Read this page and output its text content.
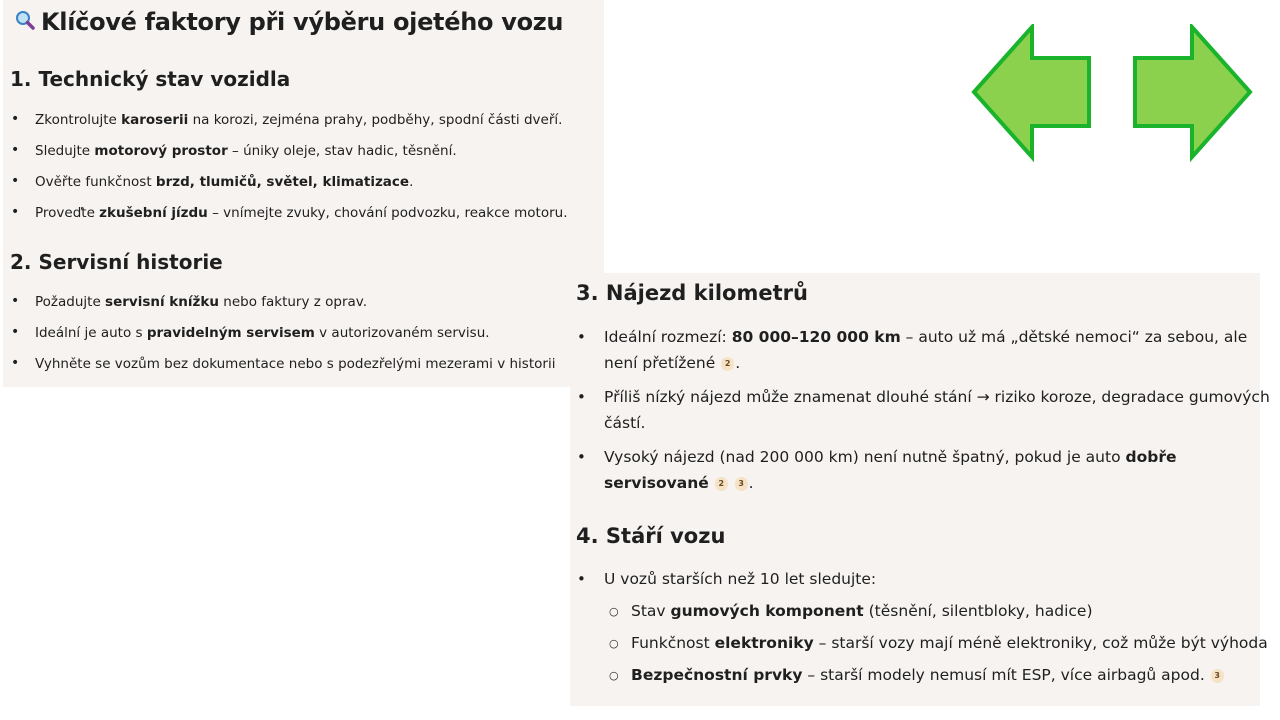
Klíčové faktory při výběru ojetého vozu
1. Technický stav vozidla
• Zkontrolujte karoserii na korozi, zejména prahy, podběhy, spodní části dveří.
• Sledujte motorový prostor – úniky oleje, stav hadic, těsnění.
• Ověřte funkčnost brzd, tlumičů, světel, klimatizace.
• Proveďte zkušební jízdu – vnímejte zvuky, chování podvozku, reakce motoru.
2. Servisní historie
• Požadujte servisní knížku nebo faktury z oprav.
• Ideální je auto s pravidelným servisem v autorizovaném servisu.
• Vyhněte se vozům bez dokumentace nebo s podezřelými mezerami v historii
3. Nájezd kilometrů
• Ideální rozmezí: 80 000–120 000 km – auto už má „dětské nemoci“ za sebou, ale
není přetížené 2 .
• Příliš nízký nájezd může znamenat dlouhé stání → riziko koroze, degradace gumových
částí.
• Vysoký nájezd (nad 200 000 km) není nutně špatný, pokud je auto dobře
servisované 2 3 .
4. Stáří vozu
• U vozů starších než 10 let sledujte:
○ Stav gumových komponent (těsnění, silentbloky, hadice)
○ Funkčnost elektroniky – starší vozy mají méně elektroniky, což může být výhoda
○ Bezpečnostní prvky – starší modely nemusí mít ESP, více airbagů apod. 3
